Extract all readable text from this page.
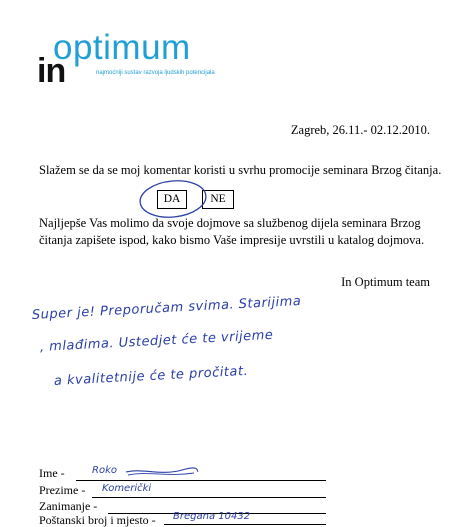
optimum
in	najmoćniji sustav razvoja ljudskih potencijala
Zagreb, 26.11.- 02.12.2010.
Slažem se da se moj komentar koristi u svrhu promocije seminara Brzog čitanja.
DA	NE
Najljepše Vas molimo da svoje dojmove sa službenog dijela seminara Brzog
čitanja zapišete ispod, kako bismo Vaše impresije uvrstili u katalog dojmova.
In Optimum team
Super je! Preporučam svima. Starijima
, mlađima. Ustedjet će te vrijeme
a kvalitetnije će te pročitat.
Ime -	Roko
Prezime - Komerički
Zanimanje -
Poštanski broj i mjesto - Bregana 10432
